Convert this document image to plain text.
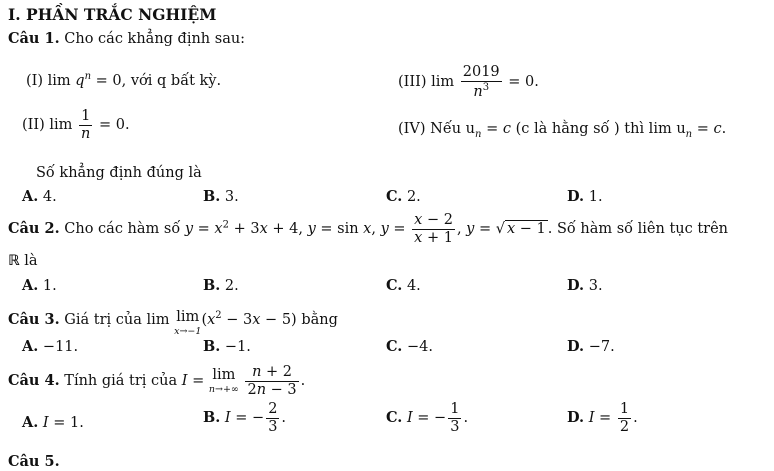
I. PHẦN TRẮC NGHIỆM
Câu 1. Cho các khẳng định sau:
(I) $\lim q^n = 0$, với q bất kỳ.	(III) $\lim \frac{2019}{n^3} = 0$.
(II) $\lim \frac{1}{n} = 0$.	(IV) Nếu $u_n = c$ (c là hằng số ) thì $\lim u_n = c$.
Số khẳng định đúng là
A. 4.	B. 3.	C. 2.	D. 1.
Câu 2. Cho các hàm số $y = x^2 + 3x + 4$, y = sin x, $y = \frac{x - 2}{x + 1}$ , y = √ x − 1 . Số hàm số liên tục trên
ℝ là
A. 1.	B. 2.	C. 4.	D. 3.
Câu 3. Giá trị của lim lim
x→−1
$(x^2 - 3x - 5)$ bằng
A. −11.	B. −1.	C. −4.	D. −7.
Câu 4. Tính giá trị của I = lim
n→+∞
$\frac{n + 2}{2n - 3}$ .
A. I = 1.	B. I = − $\frac{2}{3}$ .	C. I = − $\frac{1}{3}$ .	D. $I = \frac{1}{2}$ .
Câu 5.
